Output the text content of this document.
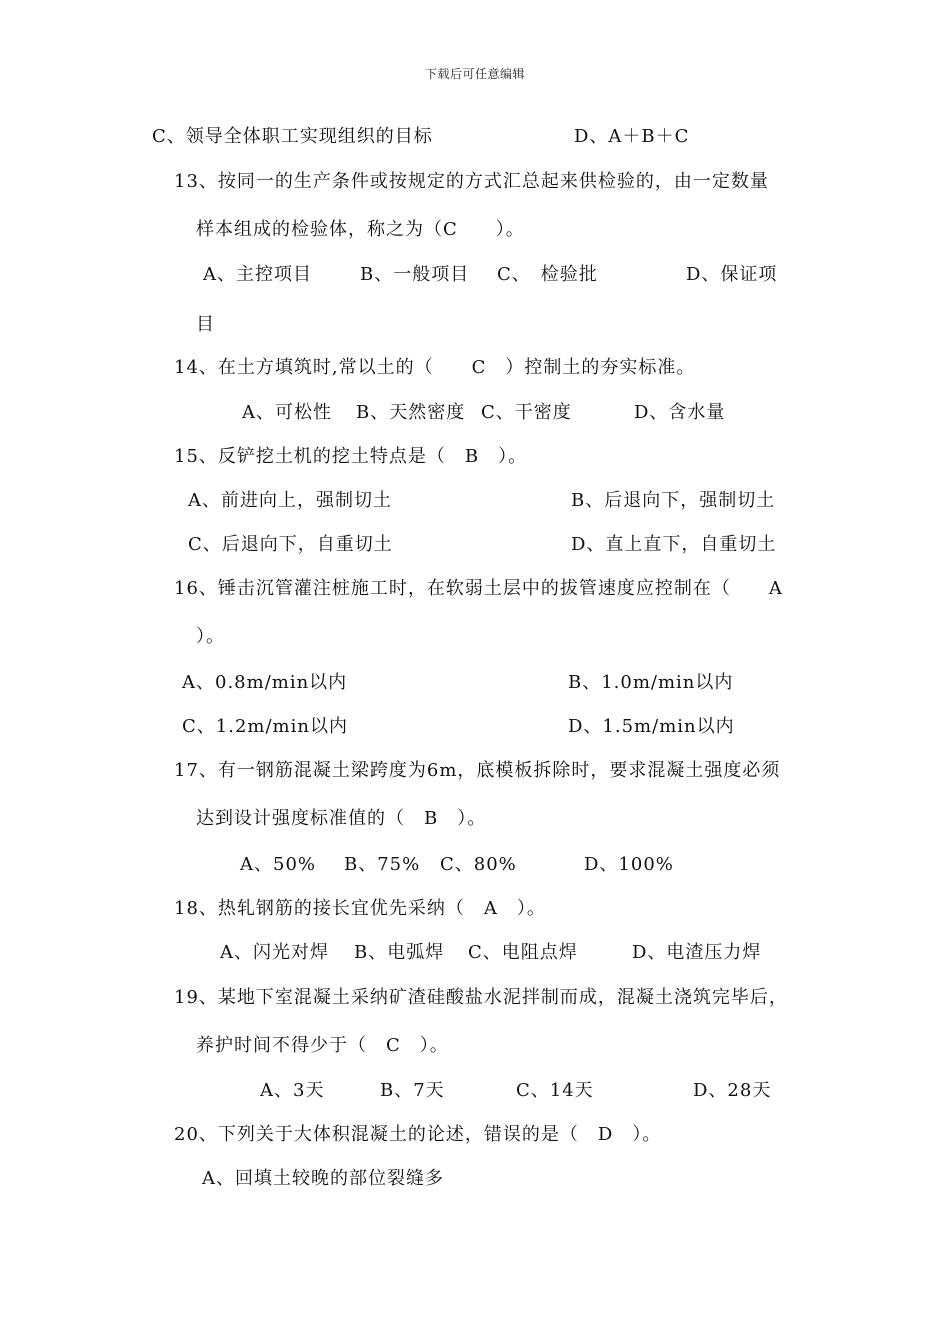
下载后可任意编辑
C、领导全体职工实现组织的目标	D、A＋B＋C
13、按同一的生产条件或按规定的方式汇总起来供检验的，由一定数量
样本组成的检验体，称之为（C　　）。
A、主控项目	B、一般项目 C、　检验批	D、保证项
目
14、在土方填筑时,常以土的（　　C　）控制土的夯实标准。
A、可松性 B、天然密度 C、干密度	D、含水量
15、反铲挖土机的挖土特点是（　B　）。
A、前进向上，强制切土	B、后退向下，强制切土
C、后退向下，自重切土	D、直上直下，自重切土
16、锤击沉管灌注桩施工时，在软弱土层中的拔管速度应控制在（　　A
）。
A、0.8m/min以内	B、1.0m/min以内
C、1.2m/min以内	D、1.5m/min以内
17、有一钢筋混凝土梁跨度为6m，底模板拆除时，要求混凝土强度必须
达到设计强度标准值的（　B　）。
A、50% B、75% C、80%	D、100%
18、热轧钢筋的接长宜优先采纳（　A　）。
A、闪光对焊 B、电弧焊 C、电阻点焊	D、电渣压力焊
19、某地下室混凝土采纳矿渣硅酸盐水泥拌制而成，混凝土浇筑完毕后，
养护时间不得少于（　C　）。
A、3天	B、7天	C、14天	D、28天
20、下列关于大体积混凝土的论述，错误的是（　D　）。
A、回填土较晚的部位裂缝多
